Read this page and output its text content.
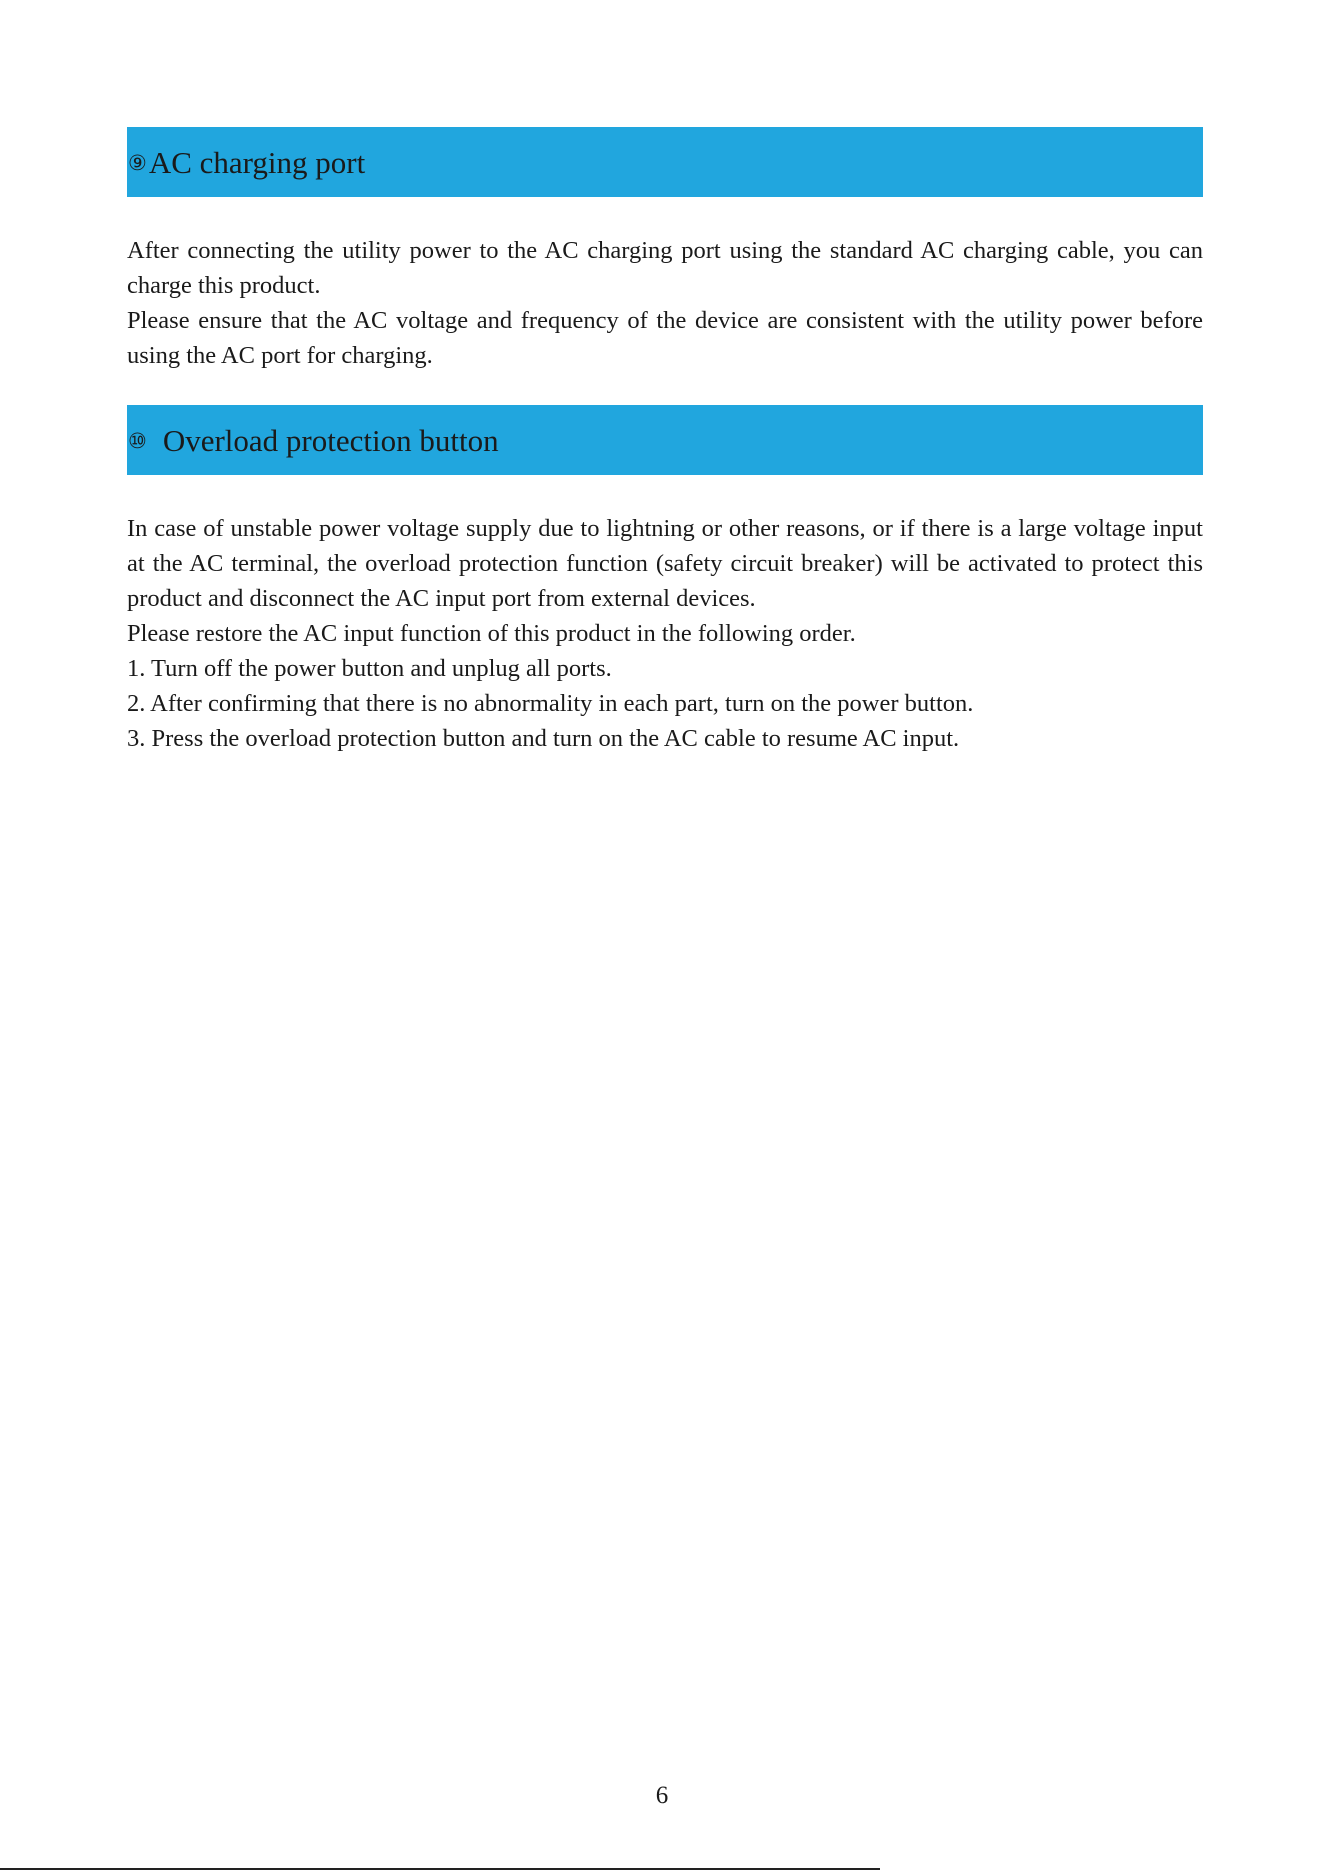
⑨ AC charging port

After connecting the utility power to the AC charging port using the standard AC charging cable, you can charge this product.

Please ensure that the AC voltage and frequency of the device are consistent with the utility power before using the AC port for charging.

⑩ Overload protection button

In case of unstable power voltage supply due to lightning or other reasons, or if there is a large voltage input at the AC terminal, the overload protection function (safety circuit breaker) will be activated to protect this product and disconnect the AC input port from external devices.

Please restore the AC input function of this product in the following order.

1. Turn off the power button and unplug all ports.

2. After confirming that there is no abnormality in each part, turn on the power button.

3. Press the overload protection button and turn on the AC cable to resume AC input.

6
